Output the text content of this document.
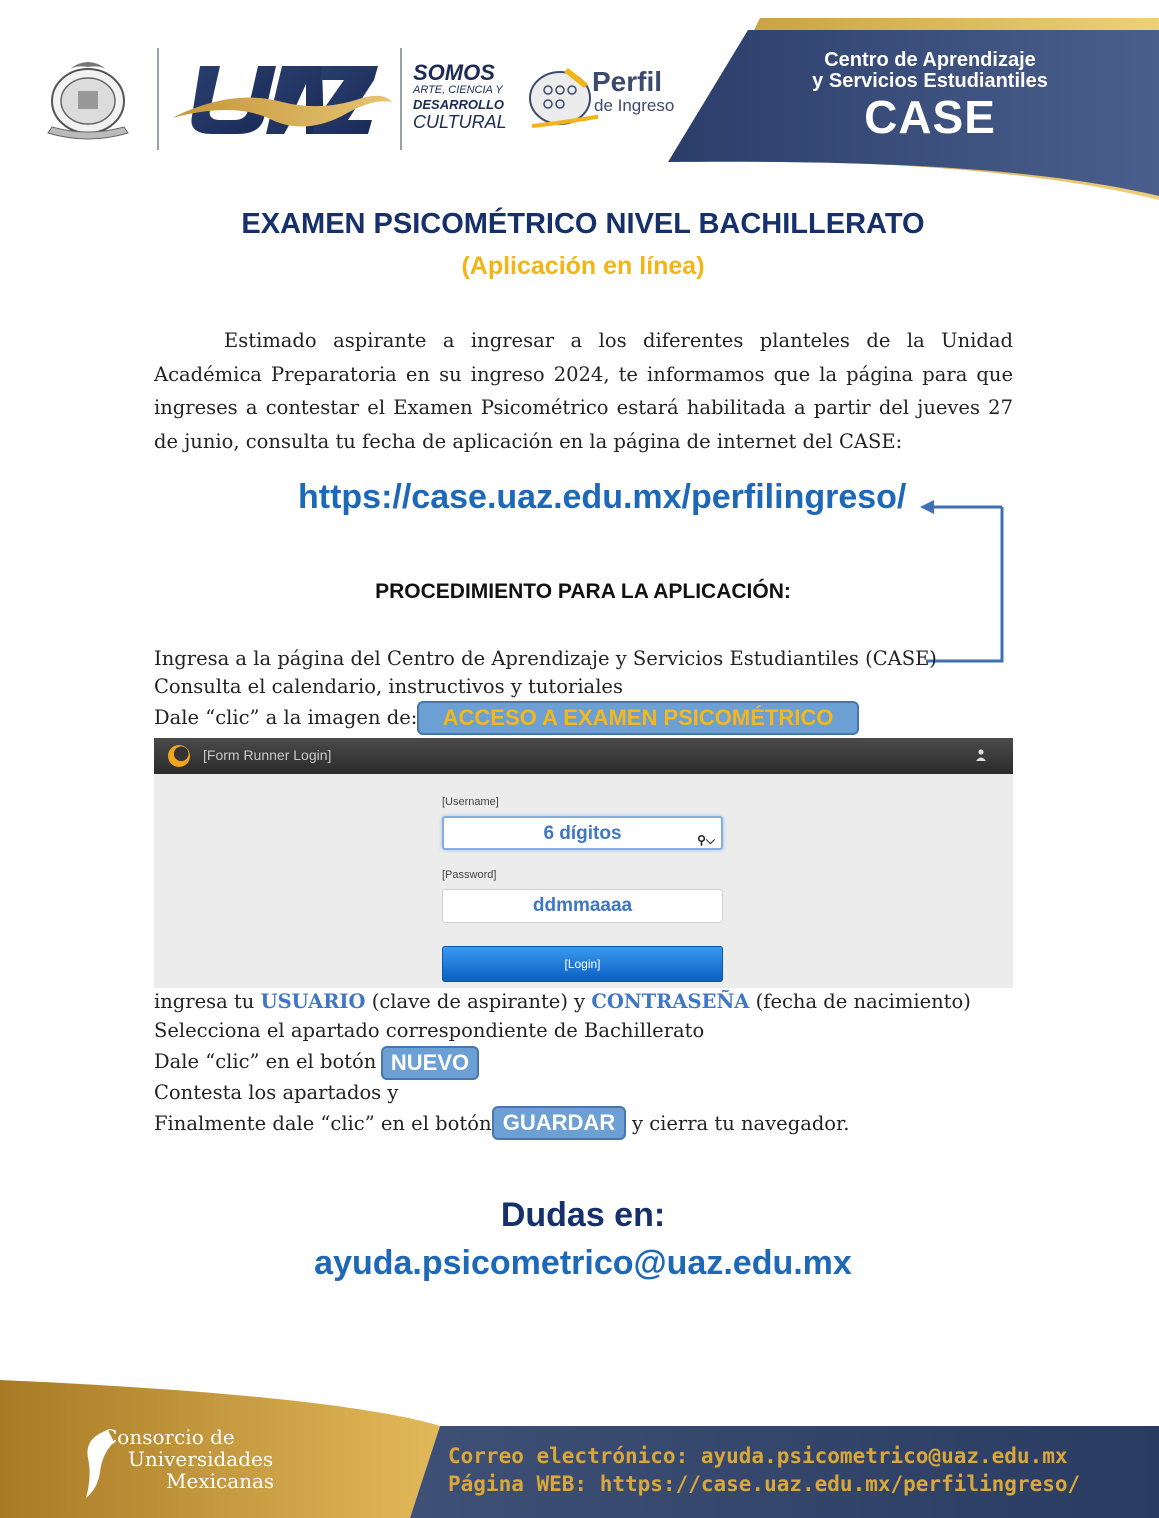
SOMOS
ARTE, CIENCIA Y
DESARROLLO
CULTURAL
Perfil
de Ingreso
Centro de Aprendizaje
y Servicios Estudiantiles
CASE
EXAMEN PSICOMÉTRICO NIVEL BACHILLERATO
(Aplicación en línea)
Estimado aspirante a ingresar a los diferentes planteles de la Unidad Académica Preparatoria en su ingreso 2024, te informamos que la página para que ingreses a contestar el Examen Psicométrico estará habilitada a partir del jueves 27 de junio, consulta tu fecha de aplicación en la página de internet del CASE:
https://case.uaz.edu.mx/perfilingreso/
PROCEDIMIENTO PARA LA APLICACIÓN:
Ingresa a la página del Centro de Aprendizaje y Servicios Estudiantiles (CASE)
Consulta el calendario, instructivos y tutoriales
Dale “clic” a la imagen de:	ACCESO A EXAMEN PSICOMÉTRICO
[Form Runner Login]
[Username]
6 dígitos	⚲⌵
[Password]
ddmmaaaa
[Login]
ingresa tu USUARIO (clave de aspirante) y CONTRASEÑA (fecha de nacimiento)
Selecciona el apartado correspondiente de Bachillerato
Dale “clic” en el botón NUEVO
Contesta los apartados y
Finalmente dale “clic” en el botón GUARDAR y cierra tu navegador.
Dudas en:
ayuda.psicometrico@uaz.edu.mx
Consorcio de
Universidades
Mexicanas
Correo electrónico: ayuda.psicometrico@uaz.edu.mx
Página WEB: https://case.uaz.edu.mx/perfilingreso/
